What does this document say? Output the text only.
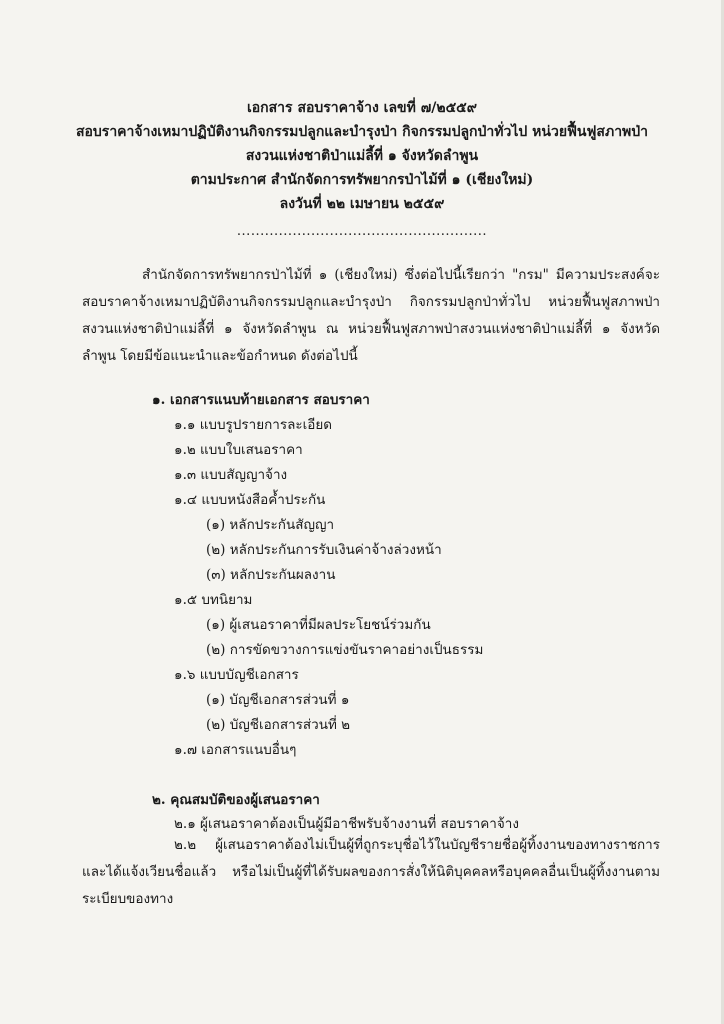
เอกสาร สอบราคาจ้าง เลขที่ ๗/๒๕๕๙
สอบราคาจ้างเหมาปฏิบัติงานกิจกรรมปลูกและบำรุงป่า กิจกรรมปลูกป่าทั่วไป หน่วยฟื้นฟูสภาพป่า
สงวนแห่งชาติป่าแม่ลี้ที่ ๑ จังหวัดลำพูน
ตามประกาศ สำนักจัดการทรัพยากรป่าไม้ที่ ๑ (เชียงใหม่)
ลงวันที่ ๒๒ เมษายน ๒๕๕๙
......................................................

สำนักจัดการทรัพยากรป่าไม้ที่ ๑ (เชียงใหม่) ซึ่งต่อไปนี้เรียกว่า "กรม" มีความประสงค์จะ สอบราคาจ้างเหมาปฏิบัติงานกิจกรรมปลูกและบำรุงป่า กิจกรรมปลูกป่าทั่วไป หน่วยฟื้นฟูสภาพป่าสงวนแห่งชาติป่าแม่ลี้ที่ ๑ จังหวัดลำพูน ณ หน่วยฟื้นฟูสภาพป่าสงวนแห่งชาติป่าแม่ลี้ที่ ๑ จังหวัดลำพูน โดยมีข้อแนะนำและข้อกำหนด ดังต่อไปนี้

๑. เอกสารแนบท้ายเอกสาร สอบราคา
๑.๑ แบบรูปรายการละเอียด
๑.๒ แบบใบเสนอราคา
๑.๓ แบบสัญญาจ้าง
๑.๔ แบบหนังสือค้ำประกัน
(๑) หลักประกันสัญญา
(๒) หลักประกันการรับเงินค่าจ้างล่วงหน้า
(๓) หลักประกันผลงาน
๑.๕ บทนิยาม
(๑) ผู้เสนอราคาที่มีผลประโยชน์ร่วมกัน
(๒) การขัดขวางการแข่งขันราคาอย่างเป็นธรรม
๑.๖ แบบบัญชีเอกสาร
(๑) บัญชีเอกสารส่วนที่ ๑
(๒) บัญชีเอกสารส่วนที่ ๒
๑.๗ เอกสารแนบอื่นๆ
๒. คุณสมบัติของผู้เสนอราคา
๒.๑ ผู้เสนอราคาต้องเป็นผู้มีอาชีพรับจ้างงานที่ สอบราคาจ้าง

๒.๒ ผู้เสนอราคาต้องไม่เป็นผู้ที่ถูกระบุชื่อไว้ในบัญชีรายชื่อผู้ทิ้งงานของทางราชการและได้แจ้งเวียนชื่อแล้ว หรือไม่เป็นผู้ที่ได้รับผลของการสั่งให้นิติบุคคลหรือบุคคลอื่นเป็นผู้ทิ้งงานตามระเบียบของทาง
